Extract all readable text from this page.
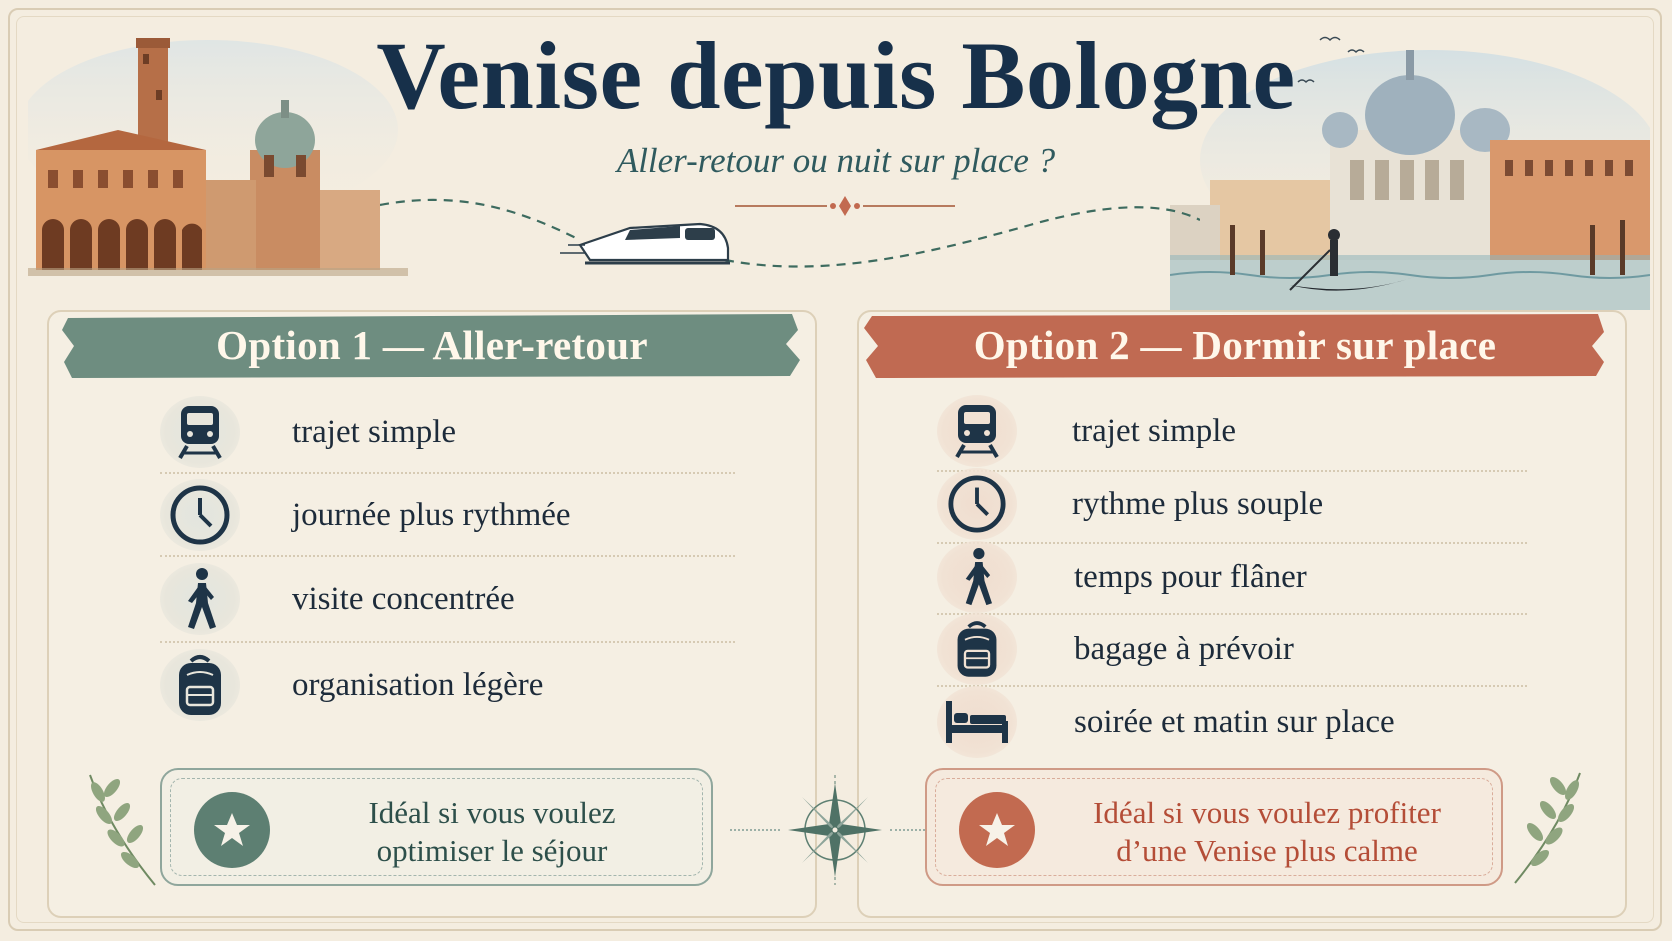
Venise depuis Bologne
Aller-retour ou nuit sur place ?
Option 1 — Aller-retour	Option 2 — Dormir sur place
trajet simple
journée plus rythmée
visite concentrée
organisation légère
trajet simple
rythme plus souple
temps pour flâner
bagage à prévoir
soirée et matin sur place
Idéal si vous voulez
optimiser le séjour
Idéal si vous voulez profiter
d’une Venise plus calme
